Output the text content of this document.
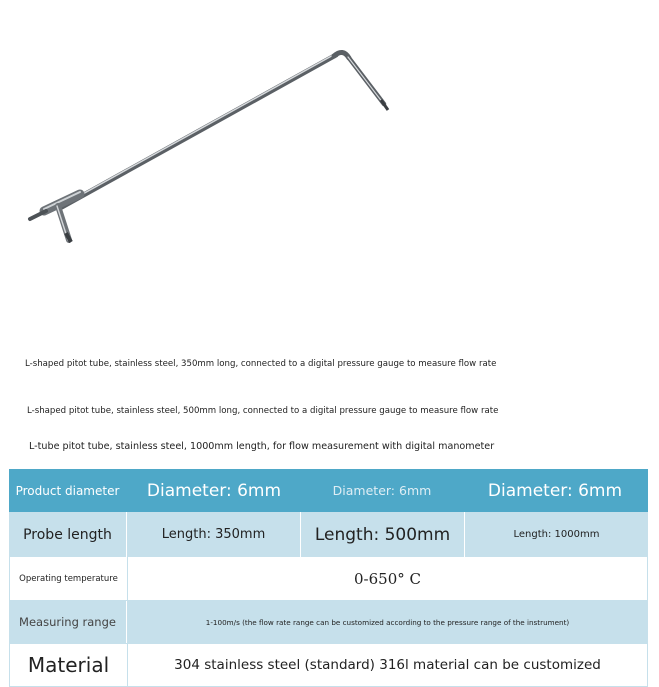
L-shaped pitot tube, stainless steel, 350mm long, connected to a digital pressure gauge to measure flow rate
L-shaped pitot tube, stainless steel, 500mm long, connected to a digital pressure gauge to measure flow rate
L-tube pitot tube, stainless steel, 1000mm length, for flow measurement with digital manometer
Product diameter	Diameter: 6mm	Diameter: 6mm	Diameter: 6mm
Probe length	Length: 350mm	Length: 500mm	Length: 1000mm
Operating temperature	0-650° C
Measuring range	1-100m/s (the flow rate range can be customized according to the pressure range of the instrument)
Material	304 stainless steel (standard) 316l material can be customized
